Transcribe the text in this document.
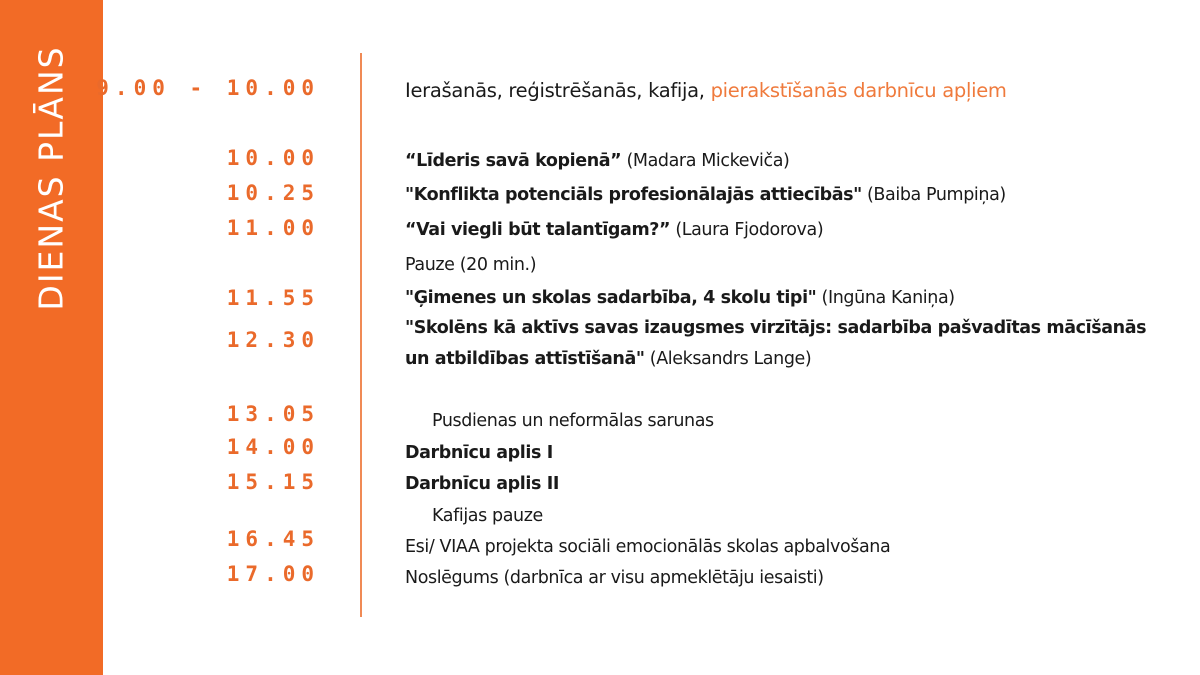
DIENAS PLĀNS 9.00 - 10.00
10.00
10.25
11.00
11.55
12.30
13.05
14.00
15.15
16.45
17.00
Ierašanās, reģistrēšanās, kafija, pierakstīšanās darbnīcu apļiem
“Līderis savā kopienā” (Madara Mickeviča)
"Konflikta potenciāls profesionālajās attiecībās" (Baiba Pumpiņa)
“Vai viegli būt talantīgam?” (Laura Fjodorova)
Pauze (20 min.)
"Ģimenes un skolas sadarbība, 4 skolu tipi" (Ingūna Kaniņa)
"Skolēns kā aktīvs savas izaugsmes virzītājs: sadarbība pašvadītas mācīšanās
un atbildības attīstīšanā" (Aleksandrs Lange)
Pusdienas un neformālas sarunas
Darbnīcu aplis I
Darbnīcu aplis II
Kafijas pauze
Esi/ VIAA projekta sociāli emocionālās skolas apbalvošana
Noslēgums (darbnīca ar visu apmeklētāju iesaisti)
